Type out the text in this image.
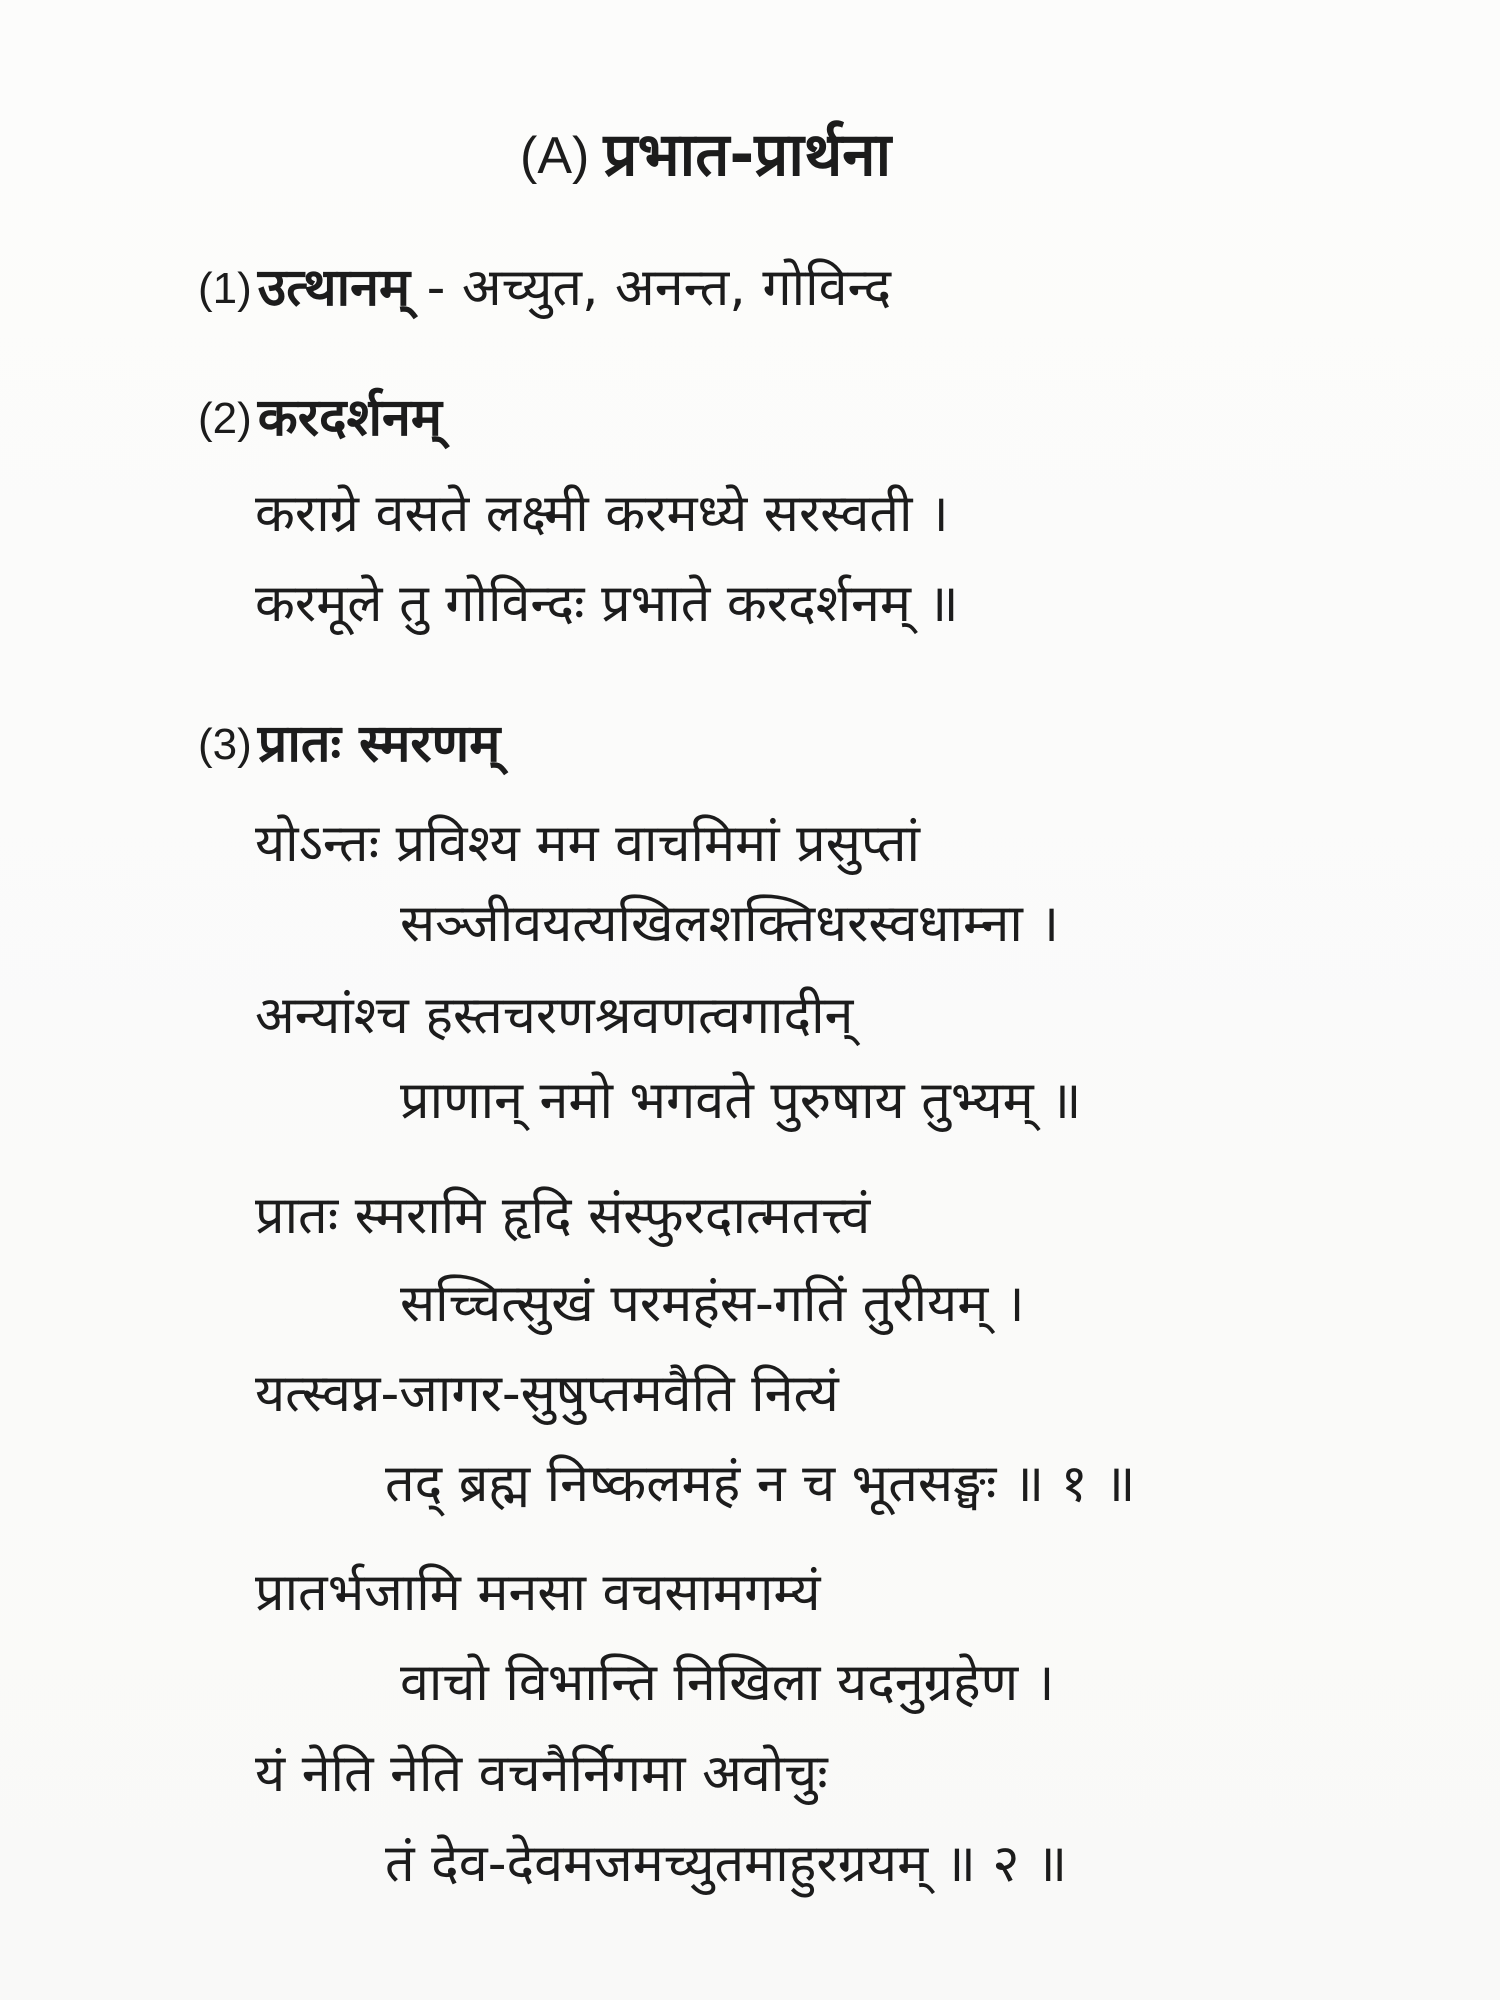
(A) प्रभात-प्रार्थना
(1) उत्थानम् - अच्युत, अनन्त, गोविन्द
(2) करदर्शनम्
कराग्रे वसते लक्ष्मी करमध्ये सरस्वती ।
करमूले तु गोविन्दः प्रभाते करदर्शनम् ॥
(3) प्रातः स्मरणम्
योऽन्तः प्रविश्य मम वाचमिमां प्रसुप्तां
सञ्जीवयत्यखिलशक्तिधरस्वधाम्ना ।
अन्यांश्च हस्तचरणश्रवणत्वगादीन्
प्राणान् नमो भगवते पुरुषाय तुभ्यम् ॥
प्रातः स्मरामि हृदि संस्फुरदात्मतत्त्वं
सच्चित्सुखं परमहंस-गतिं तुरीयम् ।
यत्स्वप्न-जागर-सुषुप्तमवैति नित्यं
तद् ब्रह्म निष्कलमहं न च भूतसङ्घः ॥ १ ॥
प्रातर्भजामि मनसा वचसामगम्यं
वाचो विभान्ति निखिला यदनुग्रहेण ।
यं नेति नेति वचनैर्निगमा अवोचुः
तं देव-देवमजमच्युतमाहुरग्रयम् ॥ २ ॥
